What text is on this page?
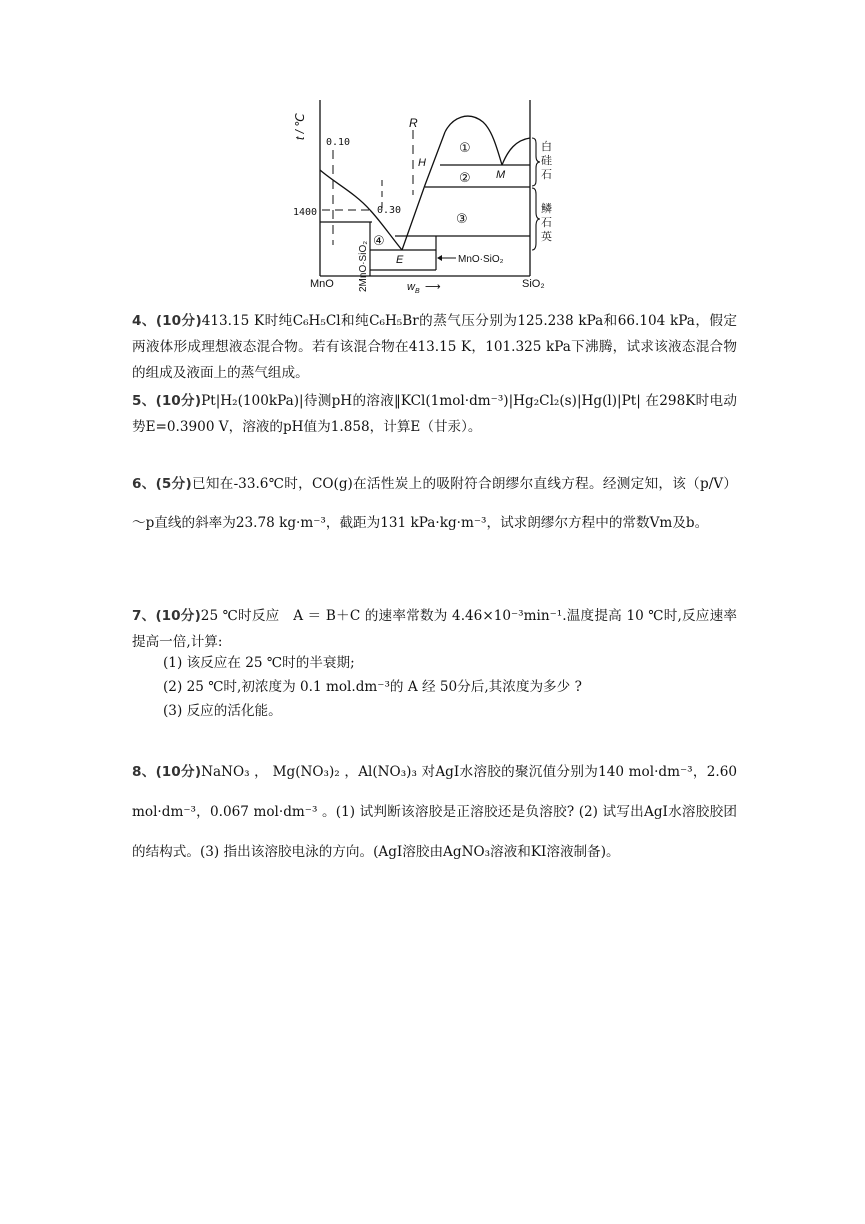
t / ℃
0.10
0.30
1400
R
H
M
E
①
②
③
④
2MnO·SiO₂	MnO·SiO₂
MnO	SiO₂
$w_B$ ⟶
白
硅
石
鳞
石
英

4、(10分)413.15 K时纯C₆H₅Cl和纯C₆H₅Br的蒸气压分别为125.238 kPa和66.104 kPa，假定两液体形成理想液态混合物。若有该混合物在413.15 K，101.325 kPa下沸腾，试求该液态混合物的组成及液面上的蒸气组成。

5、(10分)Pt|H₂(100kPa)|待测pH的溶液‖KCl(1mol·dm⁻³)|Hg₂Cl₂(s)|Hg(l)|Pt| 在298K时电动势E=0.3900 V，溶液的pH值为1.858，计算E（甘汞）。

6、(5分)已知在-33.6℃时，CO(g)在活性炭上的吸附符合朗缪尔直线方程。经测定知，该（p/V）～p直线的斜率为23.78 kg·m⁻³，截距为131 kPa·kg·m⁻³，试求朗缪尔方程中的常数Vm及b。

7、(10分)25 ℃时反应　A ＝ B＋C 的速率常数为 4.46×10⁻³min⁻¹.温度提高 10 ℃时,反应速率提高一倍,计算:

(1) 该反应在 25 ℃时的半衰期;

(2) 25 ℃时,初浓度为 0.1 mol.dm⁻³的 A 经 50分后,其浓度为多少 ?

(3) 反应的活化能。

8、(10分)NaNO₃ ， Mg(NO₃)₂ ，Al(NO₃)₃ 对AgI水溶胶的聚沉值分别为140 mol·dm⁻³，2.60 mol·dm⁻³，0.067 mol·dm⁻³ 。(1) 试判断该溶胶是正溶胶还是负溶胶? (2) 试写出AgI水溶胶胶团的结构式。(3) 指出该溶胶电泳的方向。(AgI溶胶由AgNO₃溶液和KI溶液制备)。
